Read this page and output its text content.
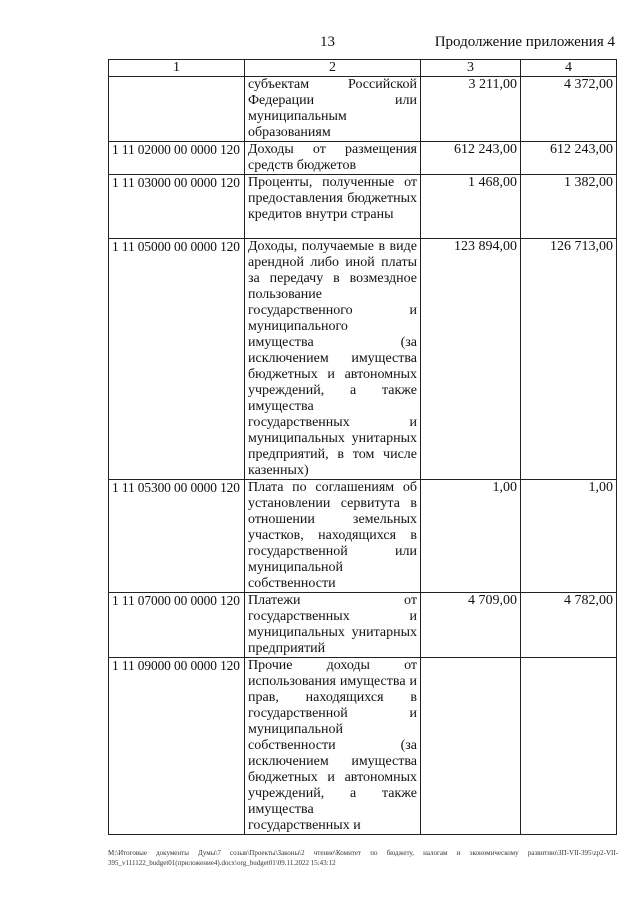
13	Продолжение приложения 4
1	2	3	4
	субъектам Российской Федерации или муниципальным образованиям	3 211,00	4 372,00
1 11 02000 00 0000 120	Доходы от размещения средств бюджетов	612 243,00	612 243,00
1 11 03000 00 0000 120	Проценты, полученные от предоставления бюджетных кредитов внутри страны	1 468,00	1 382,00
1 11 05000 00 0000 120	Доходы, получаемые в виде арендной либо иной платы за передачу в возмездное пользование государственного и муниципального имущества (за исключением имущества бюджетных и автономных учреждений, а также имущества государственных и муниципальных унитарных предприятий, в том числе казенных)	123 894,00	126 713,00
1 11 05300 00 0000 120	Плата по соглашениям об установлении сервитута в отношении земельных участков, находящихся в государственной или муниципальной собственности	1,00	1,00
1 11 07000 00 0000 120	Платежи от государственных и муниципальных унитарных предприятий	4 709,00	4 782,00
1 11 09000 00 0000 120	Прочие доходы от использования имущества и прав, находящихся в государственной и муниципальной собственности (за исключением имущества бюджетных и автономных учреждений, а также имущества государственных и		
M:\Итоговые документы Думы\7 созыв\Проекты\Законы\2 чтение\Комитет по бюджету, налогам и экономическому развитию\ЗП-VII-395\zp2-VII-395_v111122_budget01(приложение4).docx\org_budget01\09.11.2022 15:43:12
